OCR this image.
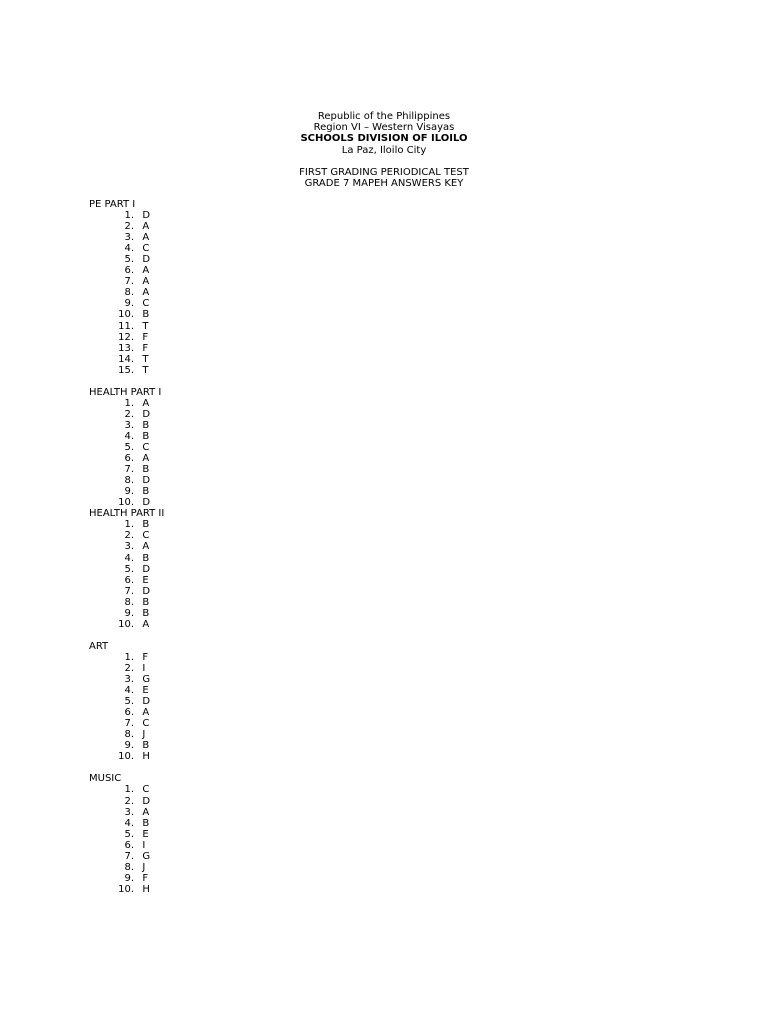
Republic of the Philippines
Region VI – Western Visayas
SCHOOLS DIVISION OF ILOILO
La Paz, Iloilo City
FIRST GRADING PERIODICAL TEST
GRADE 7 MAPEH ANSWERS KEY
PE PART I
1. D
2. A
3. A
4. C
5. D
6. A
7. A
8. A
9. C
10. B
11. T
12. F
13. F
14. T
15. T
HEALTH PART I
1. A
2. D
3. B
4. B
5. C
6. A
7. B
8. D
9. B
10. D
HEALTH PART II
1. B
2. C
3. A
4. B
5. D
6. E
7. D
8. B
9. B
10. A
ART
1. F
2. I
3. G
4. E
5. D
6. A
7. C
8. J
9. B
10. H
MUSIC
1. C
2. D
3. A
4. B
5. E
6. I
7. G
8. J
9. F
10. H
